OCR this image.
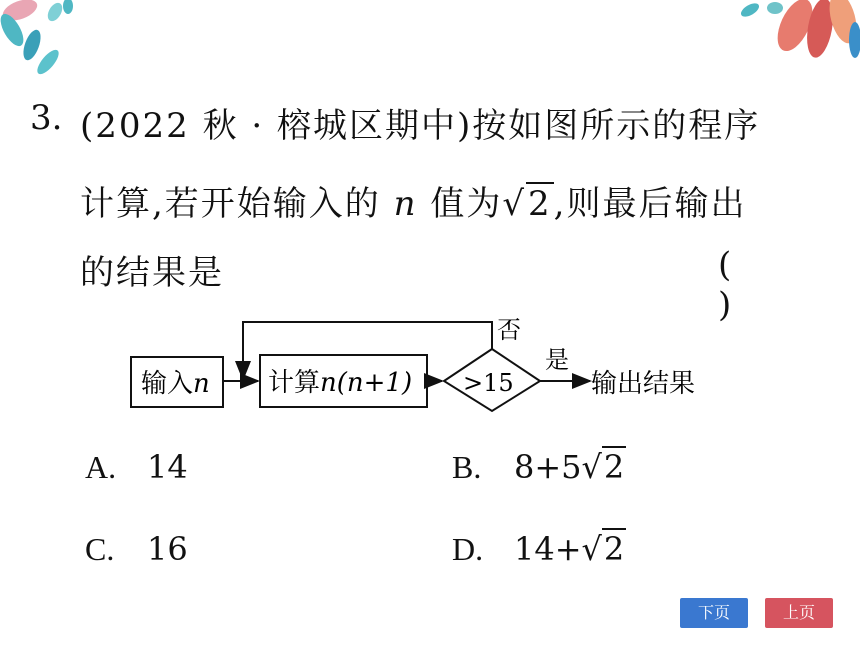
3. (2022 秋 · 榕城区期中)按如图所示的程序
计算,若开始输入的 n 值为√2,则最后输出
的结果是	( )
输入n 计算n(n+1) >15
否
是
输出结果
A. 14	B. 8+5√2
C. 16	D. 14+√2
下页	上页
